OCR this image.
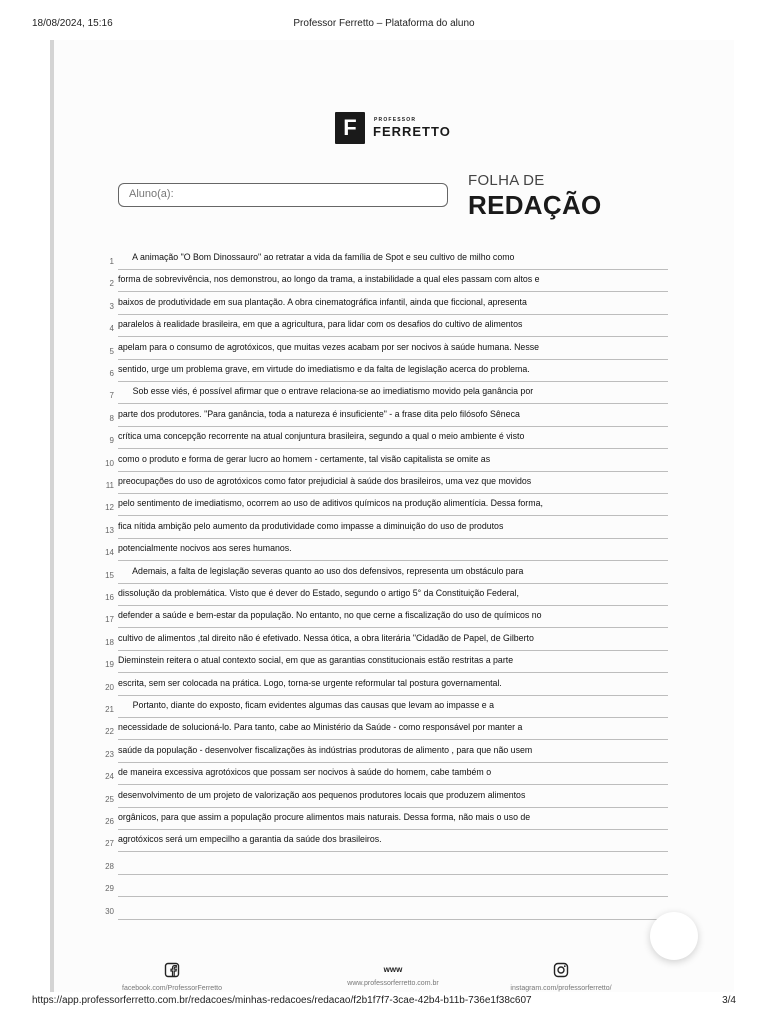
18/08/2024, 15:16	Professor Ferretto – Plataforma do aluno
F	PROFESSOR
FERRETTO
Aluno(a):
FOLHA DE
REDAÇÃO
1 A animação "O Bom Dinossauro" ao retratar a vida da família de Spot e seu cultivo de milho como
2 forma de sobrevivência, nos demonstrou, ao longo da trama, a instabilidade a qual eles passam com altos e
3 baixos de produtividade em sua plantação. A obra cinematográfica infantil, ainda que ficcional, apresenta
4 paralelos à realidade brasileira, em que a agricultura, para lidar com os desafios do cultivo de alimentos
5 apelam para o consumo de agrotóxicos, que muitas vezes acabam por ser nocivos à saúde humana. Nesse
6 sentido, urge um problema grave, em virtude do imediatismo e da falta de legislação acerca do problema.
7 Sob esse viés, é possível afirmar que o entrave relaciona-se ao imediatismo movido pela ganância por
8 parte dos produtores. "Para ganância, toda a natureza é insuficiente" - a frase dita pelo filósofo Sêneca
9 crítica uma concepção recorrente na atual conjuntura brasileira, segundo a qual o meio ambiente é visto
10 como o produto e forma de gerar lucro ao homem - certamente, tal visão capitalista se omite as
11 preocupações do uso de agrotóxicos como fator prejudicial à saúde dos brasileiros, uma vez que movidos
12 pelo sentimento de imediatismo, ocorrem ao uso de aditivos químicos na produção alimentícia. Dessa forma,
13 fica nítida ambição pelo aumento da produtividade como impasse a diminuição do uso de produtos
14 potencialmente nocivos aos seres humanos.
15 Ademais, a falta de legislação severas quanto ao uso dos defensivos, representa um obstáculo para
16 dissolução da problemática. Visto que é dever do Estado, segundo o artigo 5° da Constituição Federal,
17 defender a saúde e bem-estar da população. No entanto, no que cerne a fiscalização do uso de químicos no
18 cultivo de alimentos ,tal direito não é efetivado. Nessa ótica, a obra literária "Cidadão de Papel, de Gilberto
19 Dieminstein reitera o atual contexto social, em que as garantias constitucionais estão restritas a parte
20 escrita, sem ser colocada na prática. Logo, torna-se urgente reformular tal postura governamental.
21 Portanto, diante do exposto, ficam evidentes algumas das causas que levam ao impasse e a
22 necessidade de solucioná-lo. Para tanto, cabe ao Ministério da Saúde - como responsável por manter a
23 saúde da população - desenvolver fiscalizações às indústrias produtoras de alimento , para que não usem
24 de maneira excessiva agrotóxicos que possam ser nocivos à saúde do homem, cabe também o
25 desenvolvimento de um projeto de valorização aos pequenos produtores locais que produzem alimentos
26 orgânicos, para que assim a população procure alimentos mais naturais. Dessa forma, não mais o uso de
27 agrotóxicos será um empecilho a garantia da saúde dos brasileiros.
28
29
30
facebook.com/ProfessorFerretto
www
www.professorferretto.com.br
instagram.com/professorferretto/
https://app.professorferretto.com.br/redacoes/minhas-redacoes/redacao/f2b1f7f7-3cae-42b4-b11b-736e1f38c607	3/4
